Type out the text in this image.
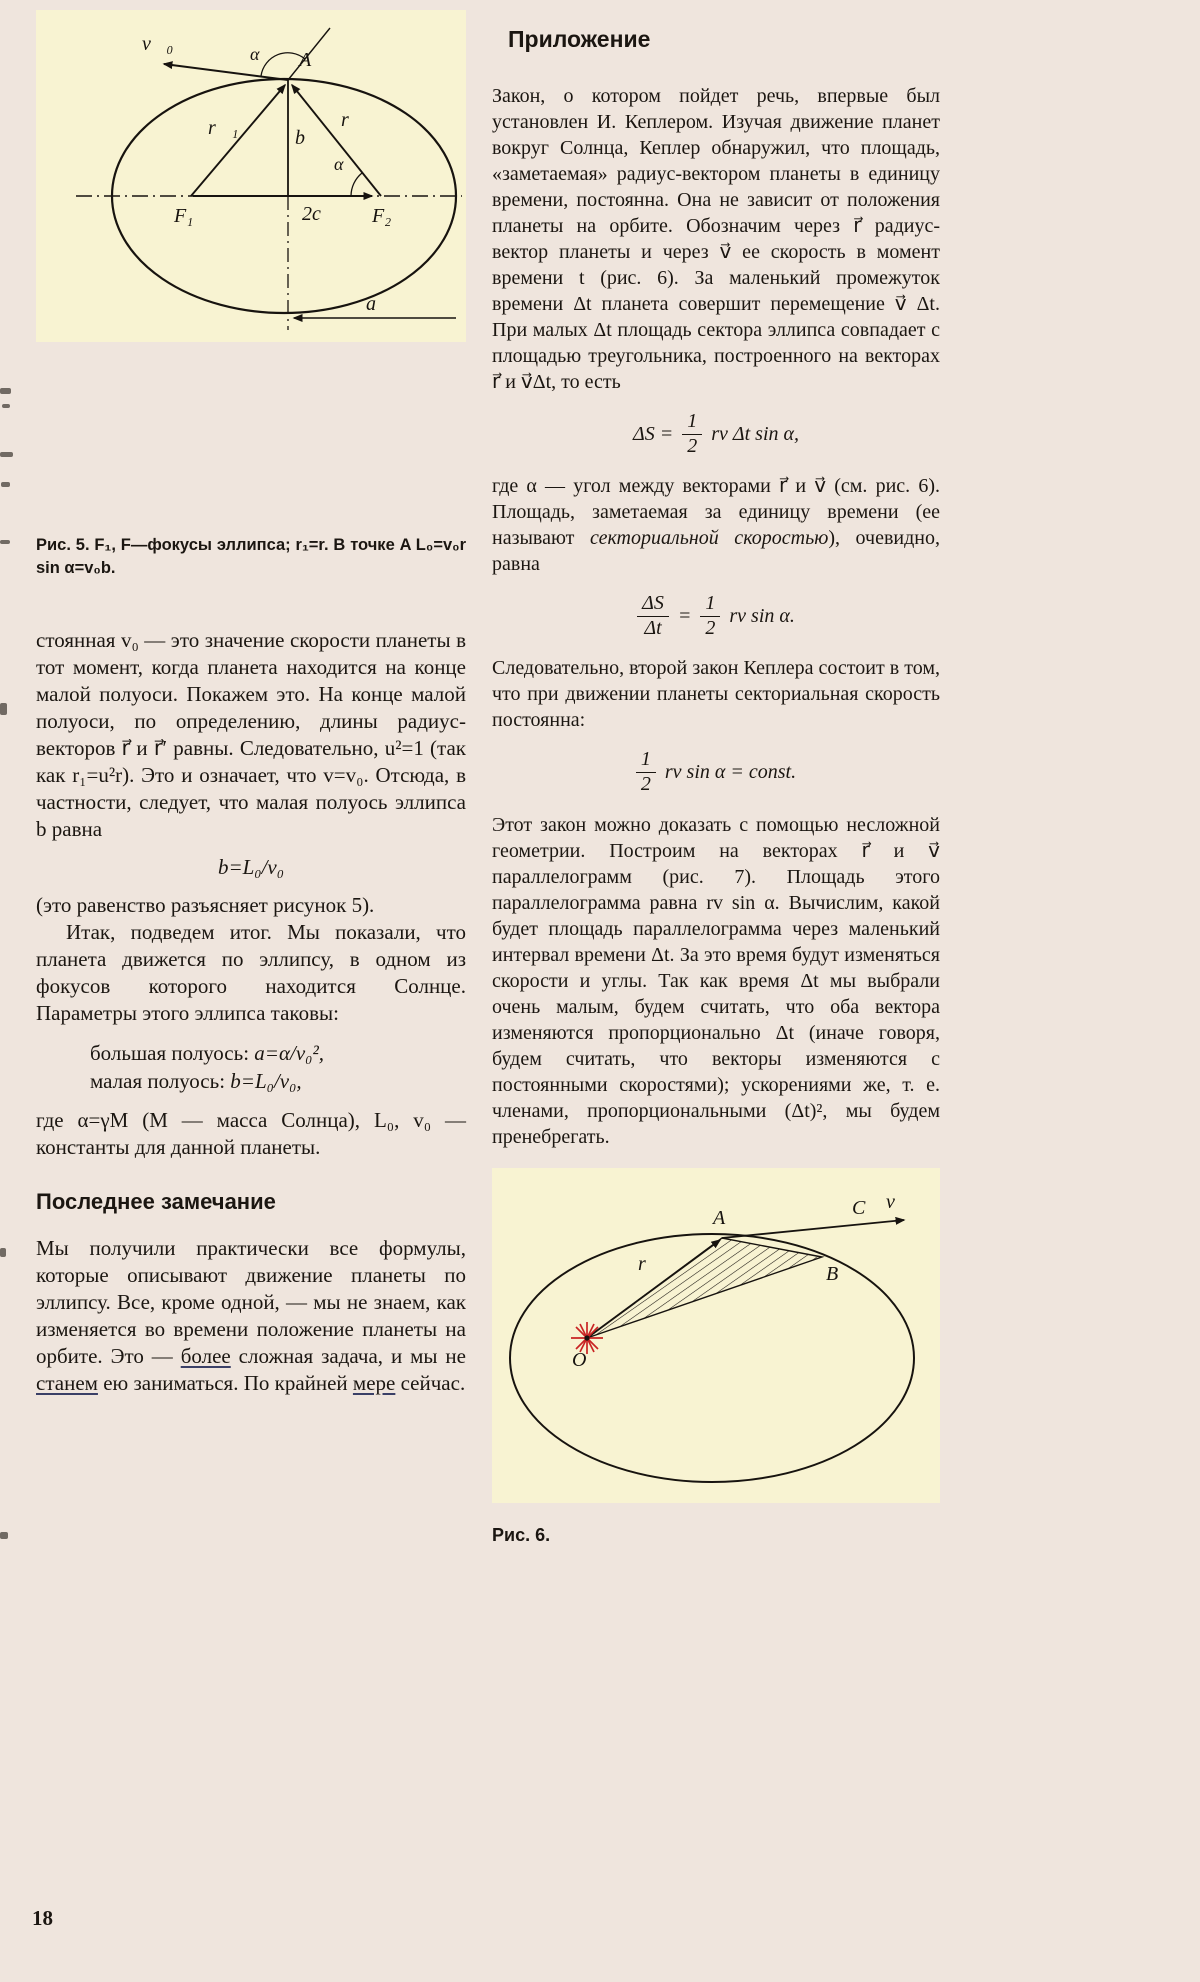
v⃗₀
A
α
r⃗₁	b
r⃗
α
F₁	2c⃗ F₂
a

Рис. 5. F₁, F—фокусы эллипса; r₁=r. В точке A L₀=v₀r sin α=v₀b.

стоянная v₀ — это значение скорости планеты в тот момент, когда планета находится на конце малой полуоси. Покажем это. На конце малой полуоси, по определению, длины радиус-векторов r⃗ и r⃗′ равны. Следовательно, u²=1 (так как r₁=u²r). Это и означает, что v=v₀. Отсюда, в частности, следует, что малая полуось эллипса b равна

b=L₀/v₀

(это равенство разъясняет рисунок 5).

Итак, подведем итог. Мы показали, что планета движется по эллипсу, в одном из фокусов которого находится Солнце. Параметры этого эллипса таковы:

большая полуось: a=α/v₀²,
малая полуось: b=L₀/v₀,

где α=γM (M — масса Солнца), L₀, v₀ — константы для данной планеты.

Последнее замечание

Мы получили практически все формулы, которые описывают движение планеты по эллипсу. Все, кроме одной, — мы не знаем, как изменяется во времени положение планеты на орбите. Это — более сложная задача, и мы не станем ею заниматься. По крайней мере сейчас.

Приложение

Закон, о котором пойдет речь, впервые был установлен И. Кеплером. Изучая движение планет вокруг Солнца, Кеплер обнаружил, что площадь, «заметаемая» радиус-вектором планеты в единицу времени, постоянна. Она не зависит от положения планеты на орбите. Обозначим через r⃗ радиус-вектор планеты и через v⃗ ее скорость в момент времени t (рис. 6). За маленький промежуток времени Δt планета совершит перемещение v⃗ Δt. При малых Δt площадь сектора эллипса совпадает с площадью треугольника, построенного на векторах r⃗ и v⃗Δt, то есть

$\Delta S = \frac{1}{2}$ rv Δt sin α,

где α — угол между векторами r⃗ и v⃗ (см. рис. 6). Площадь, заметаемая за единицу времени (ее называют секториальной скоростью), очевидно, равна

$\frac{\Delta S}{\Delta t} = \frac{1}{2}$ rv sin α.

Следовательно, второй закон Кеплера состоит в том, что при движении планеты секториальная скорость постоянна:

$\frac{1}{2}$ rv sin α = const.

Этот закон можно доказать с помощью несложной геометрии. Построим на векторах r⃗ и v⃗ параллелограмм (рис. 7). Площадь этого параллелограмма равна rv sin α. Вычислим, какой будет площадь параллелограмма через маленький интервал времени Δt. За это время будут изменяться скорости и углы. Так как время Δt мы выбрали очень малым, будем считать, что оба вектора изменяются пропорционально Δt (иначе говоря, будем считать, что векторы изменяются с постоянными скоростями); ускорениями же, т. е. членами, пропорциональными (Δt)², мы будем пренебрегать.

r⃗
O
A
B
C v⃗

Рис. 6.

18
